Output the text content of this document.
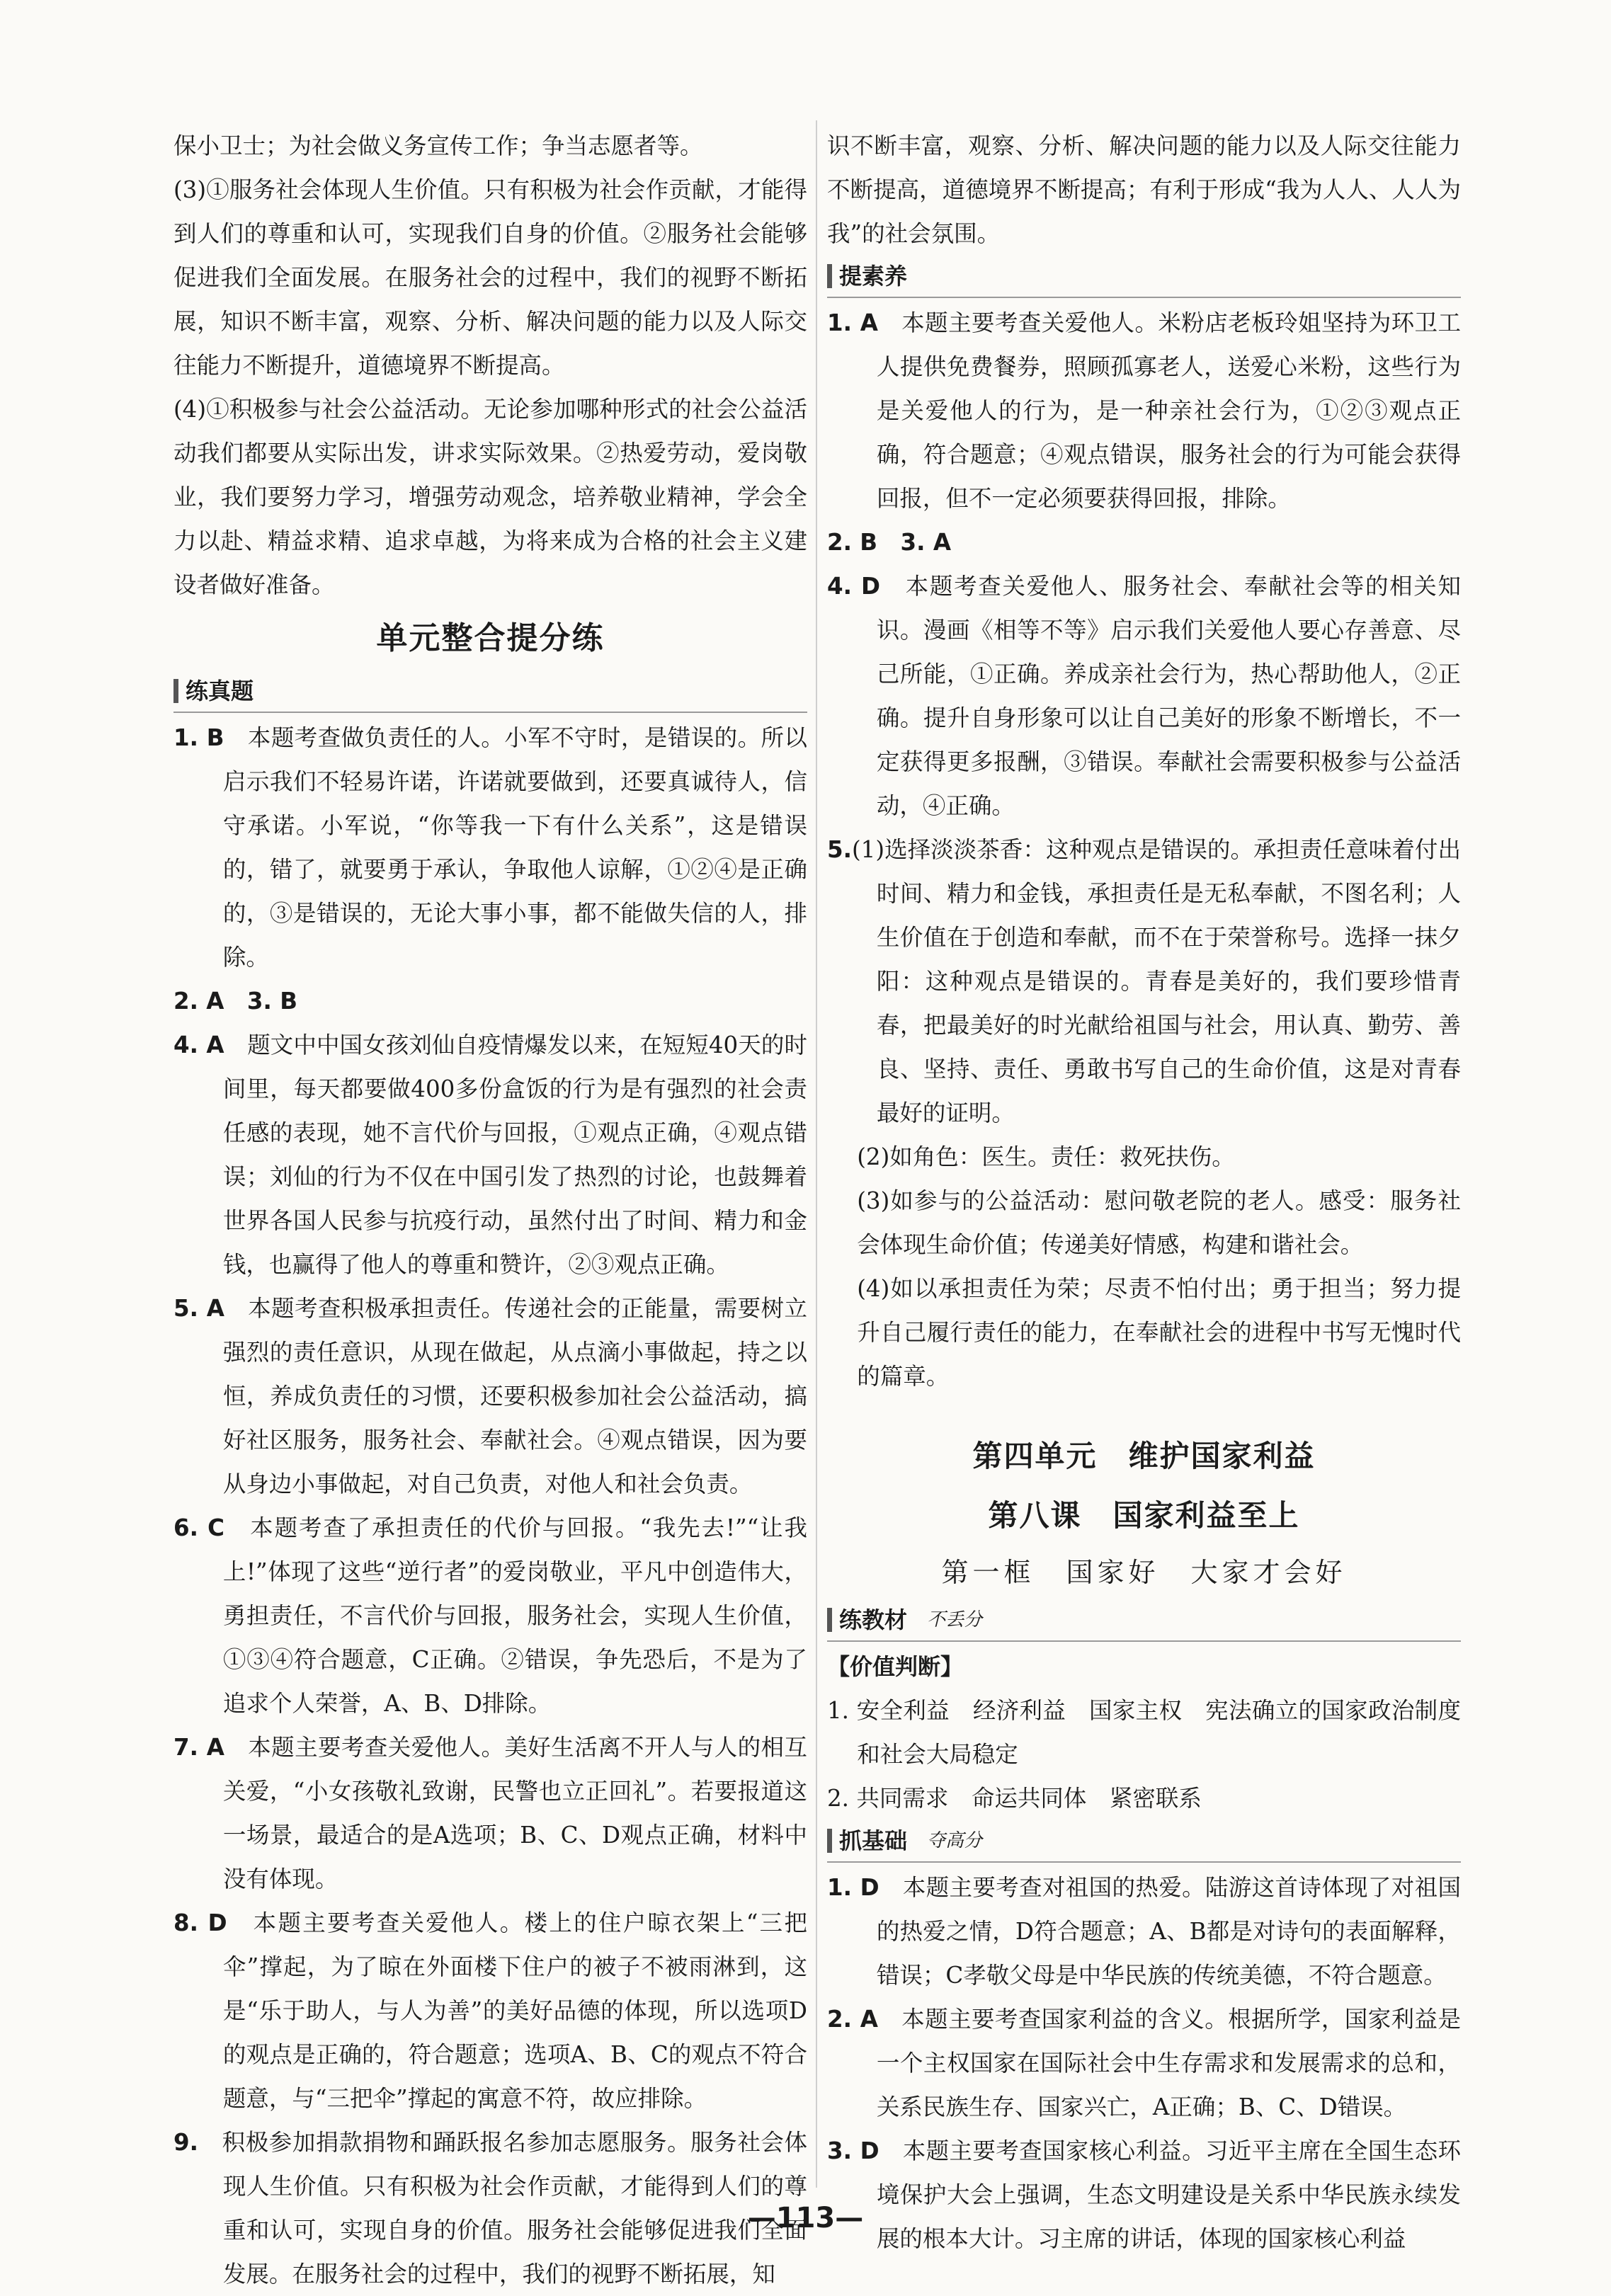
保小卫士；为社会做义务宣传工作；争当志愿者等。

(3)①服务社会体现人生价值。只有积极为社会作贡献，才能得到人们的尊重和认可，实现我们自身的价值。②服务社会能够促进我们全面发展。在服务社会的过程中，我们的视野不断拓展，知识不断丰富，观察、分析、解决问题的能力以及人际交往能力不断提升，道德境界不断提高。

(4)①积极参与社会公益活动。无论参加哪种形式的社会公益活动我们都要从实际出发，讲求实际效果。②热爱劳动，爱岗敬业，我们要努力学习，增强劳动观念，培养敬业精神，学会全力以赴、精益求精、追求卓越，为将来成为合格的社会主义建设者做好准备。

单元整合提分练
练真题

1. B　 本题考查做负责任的人。小军不守时，是错误的。所以启示我们不轻易许诺，许诺就要做到，还要真诚待人，信守承诺。小军说，“你等我一下有什么关系”，这是错误的，错了，就要勇于承认，争取他人谅解，①②④是正确的，③是错误的，无论大事小事，都不能做失信的人，排除。

2. A　3. B

4. A　 题文中中国女孩刘仙自疫情爆发以来，在短短40天的时间里，每天都要做400多份盒饭的行为是有强烈的社会责任感的表现，她不言代价与回报，①观点正确，④观点错误；刘仙的行为不仅在中国引发了热烈的讨论，也鼓舞着世界各国人民参与抗疫行动，虽然付出了时间、精力和金钱，也赢得了他人的尊重和赞许，②③观点正确。

5. A　 本题考查积极承担责任。传递社会的正能量，需要树立强烈的责任意识，从现在做起，从点滴小事做起，持之以恒，养成负责任的习惯，还要积极参加社会公益活动，搞好社区服务，服务社会、奉献社会。④观点错误，因为要从身边小事做起，对自己负责，对他人和社会负责。

6. C　 本题考查了承担责任的代价与回报。“我先去!”“让我上!”体现了这些“逆行者”的爱岗敬业，平凡中创造伟大，勇担责任，不言代价与回报，服务社会，实现人生价值，①③④符合题意，C正确。②错误，争先恐后，不是为了追求个人荣誉，A、B、D排除。

7. A　 本题主要考查关爱他人。美好生活离不开人与人的相互关爱，“小女孩敬礼致谢，民警也立正回礼”。若要报道这一场景，最适合的是A选项；B、C、D观点正确，材料中没有体现。

8. D　 本题主要考查关爱他人。楼上的住户晾衣架上“三把伞”撑起，为了晾在外面楼下住户的被子不被雨淋到，这是“乐于助人，与人为善”的美好品德的体现，所以选项D的观点是正确的，符合题意；选项A、B、C的观点不符合题意，与“三把伞”撑起的寓意不符，故应排除。

9.　 积极参加捐款捐物和踊跃报名参加志愿服务。服务社会体现人生价值。只有积极为社会作贡献，才能得到人们的尊重和认可，实现自身的价值。服务社会能够促进我们全面发展。在服务社会的过程中，我们的视野不断拓展，知

识不断丰富，观察、分析、解决问题的能力以及人际交往能力不断提高，道德境界不断提高；有利于形成“我为人人、人人为我”的社会氛围。

提素养

1. A　 本题主要考查关爱他人。米粉店老板玲姐坚持为环卫工人提供免费餐券，照顾孤寡老人，送爱心米粉，这些行为是关爱他人的行为，是一种亲社会行为，①②③观点正确，符合题意；④观点错误，服务社会的行为可能会获得回报，但不一定必须要获得回报，排除。

2. B　3. A

4. D　 本题考查关爱他人、服务社会、奉献社会等的相关知识。漫画《相等不等》启示我们关爱他人要心存善意、尽己所能，①正确。养成亲社会行为，热心帮助他人，②正确。提升自身形象可以让自己美好的形象不断增长，不一定获得更多报酬，③错误。奉献社会需要积极参与公益活动，④正确。

5.(1)选择淡淡茶香：这种观点是错误的。承担责任意味着付出时间、精力和金钱，承担责任是无私奉献，不图名利；人生价值在于创造和奉献，而不在于荣誉称号。选择一抹夕阳：这种观点是错误的。青春是美好的，我们要珍惜青春，把最美好的时光献给祖国与社会，用认真、勤劳、善良、坚持、责任、勇敢书写自己的生命价值，这是对青春最好的证明。

(2)如角色：医生。责任：救死扶伤。

(3)如参与的公益活动：慰问敬老院的老人。感受：服务社会体现生命价值；传递美好情感，构建和谐社会。

(4)如以承担责任为荣；尽责不怕付出；勇于担当；努力提升自己履行责任的能力，在奉献社会的进程中书写无愧时代的篇章。

第四单元　维护国家利益
第八课　国家利益至上
第一框　国家好　大家才会好
练教材 不丢分
【价值判断】

1. 安全利益　经济利益　国家主权　宪法确立的国家政治制度和社会大局稳定

2. 共同需求　命运共同体　紧密联系

抓基础 夺高分

1. D　 本题主要考查对祖国的热爱。陆游这首诗体现了对祖国的热爱之情，D符合题意；A、B都是对诗句的表面解释，错误；C孝敬父母是中华民族的传统美德，不符合题意。

2. A　 本题主要考查国家利益的含义。根据所学，国家利益是一个主权国家在国际社会中生存需求和发展需求的总和，关系民族生存、国家兴亡，A正确；B、C、D错误。

3. D　 本题主要考查国家核心利益。习近平主席在全国生态环境保护大会上强调，生态文明建设是关系中华民族永续发展的根本大计。习主席的讲话，体现的国家核心利益

—113—
